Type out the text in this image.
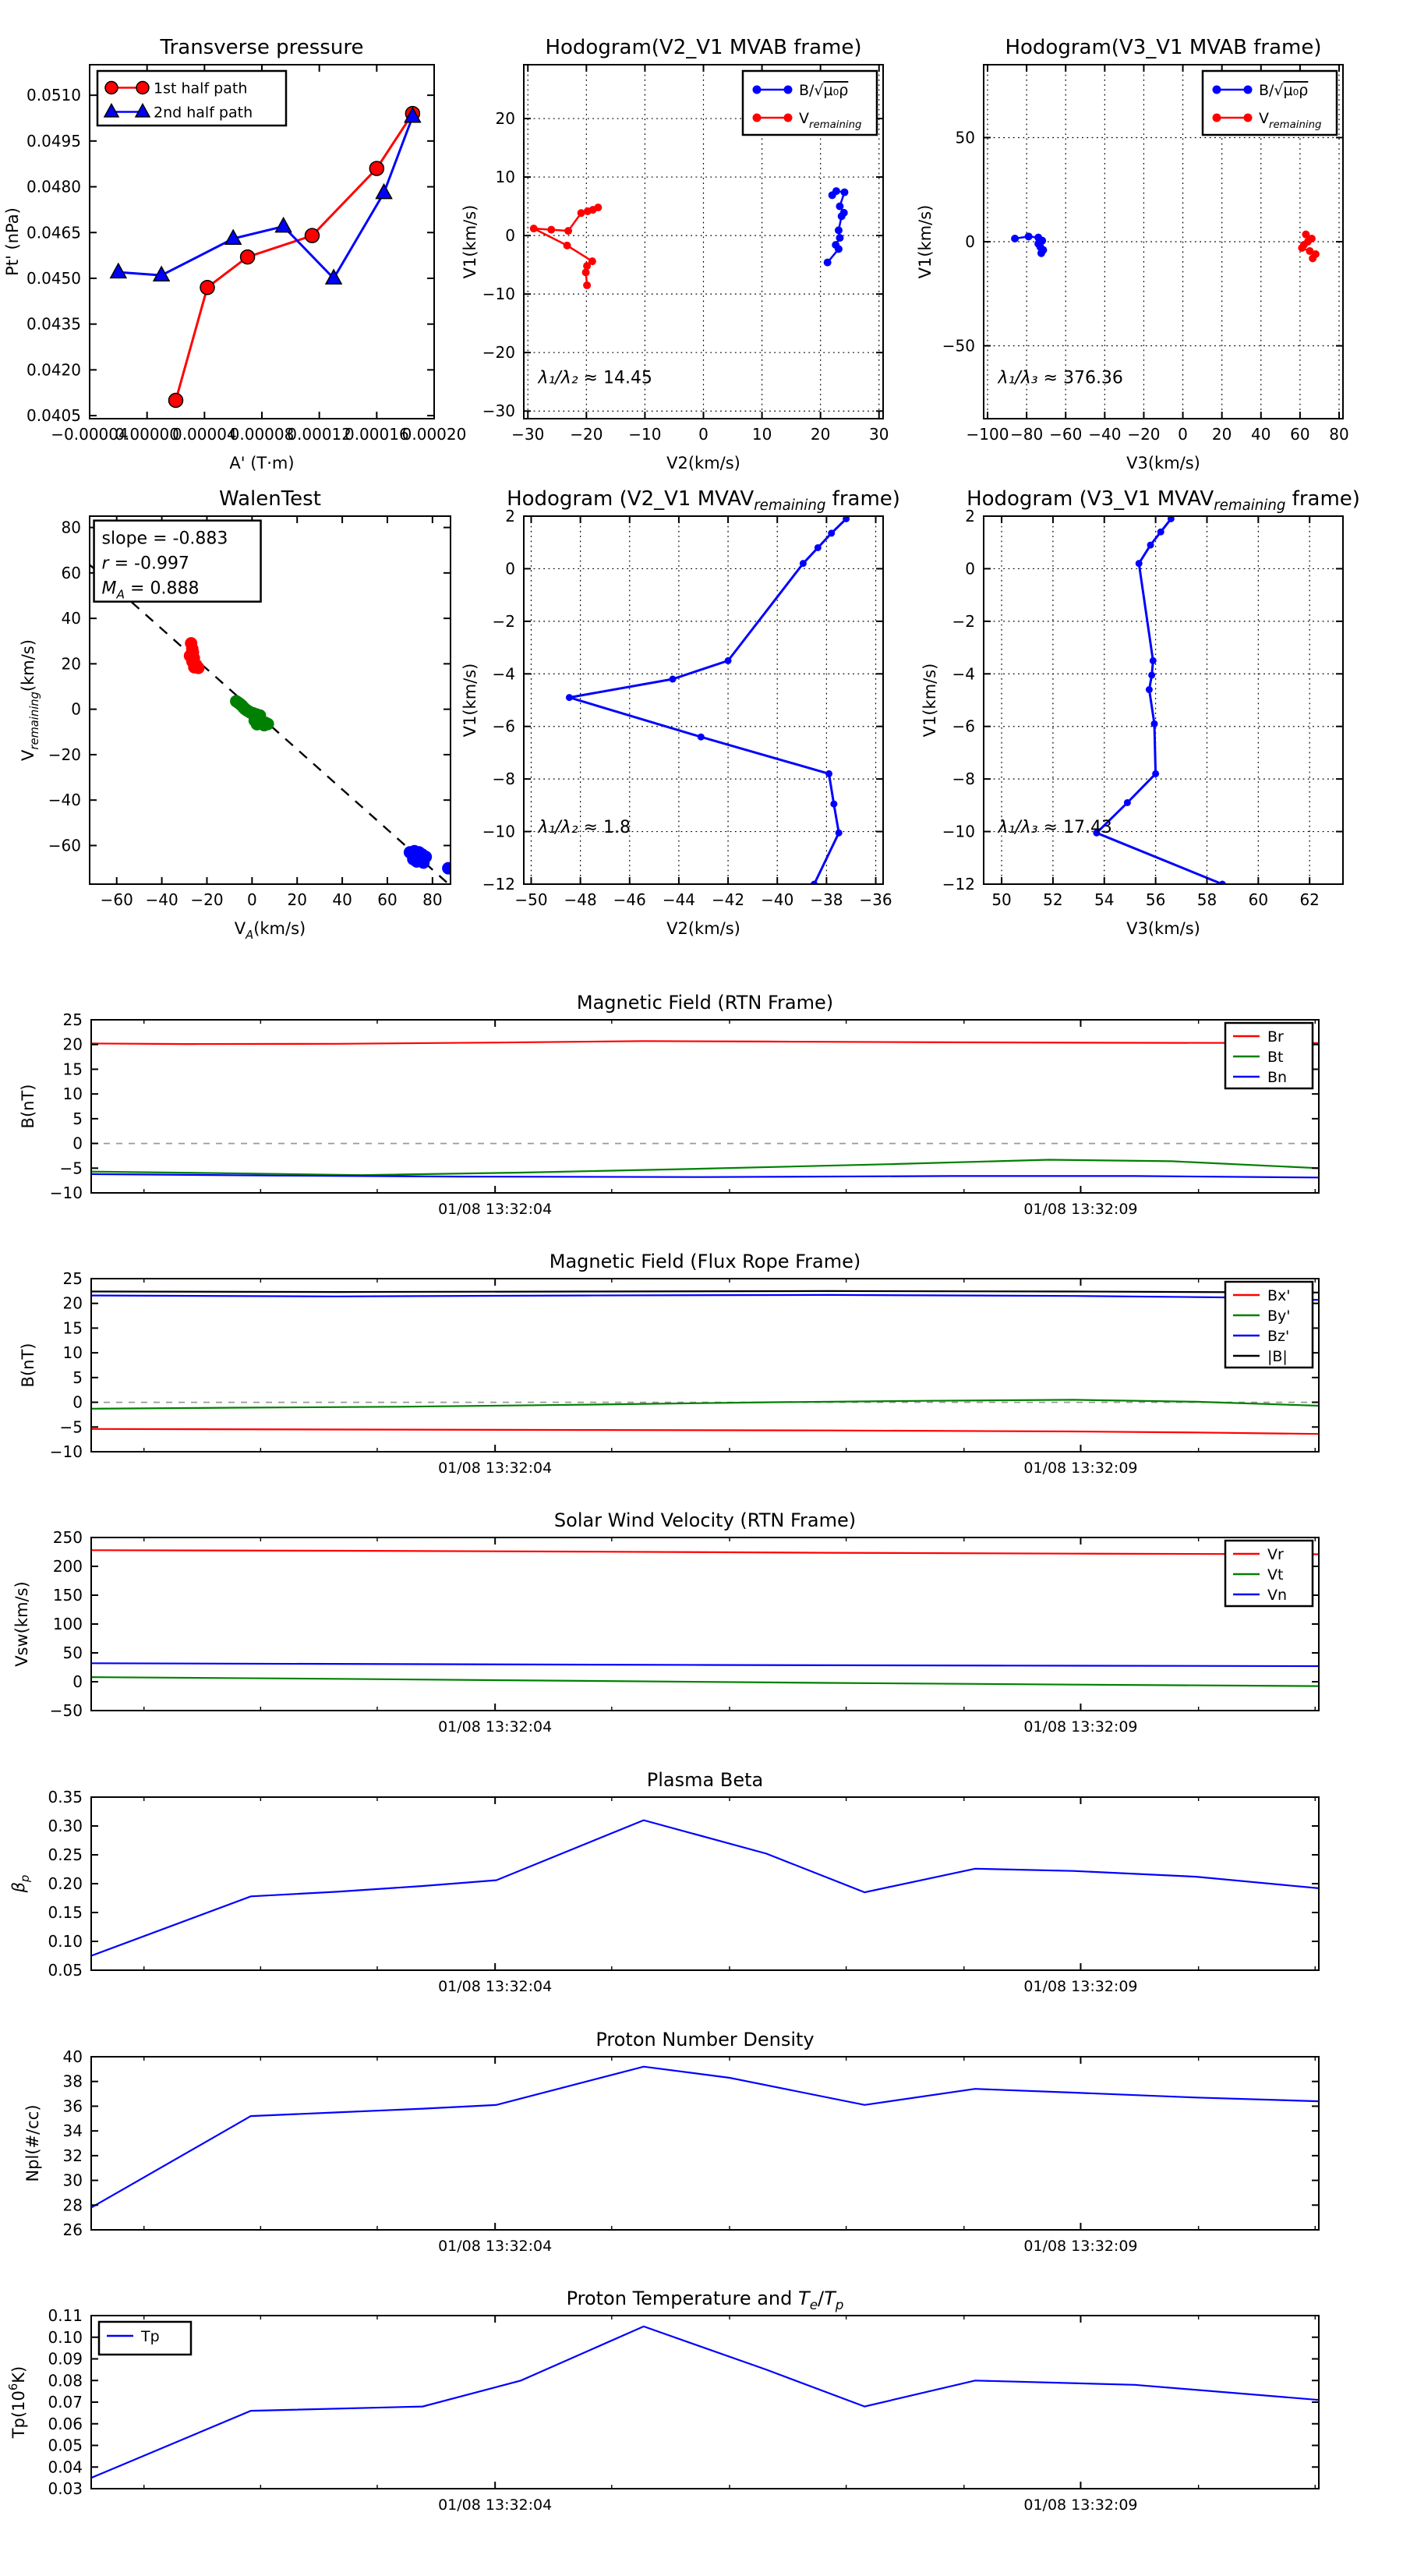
−0.00004
0.00000
0.00004
0.00008
0.00012
0.00016
0.00020
0.0405
0.0420
0.0435
0.0450
0.0465
0.0480
0.0495
0.0510
Transverse pressure
A' (T·m)
Pt' (nPa)
1st half path
2nd half path
−30 −20 −10 0	10 20 30
−30
−20
−10
0
10
20
Hodogram(V2_V1 MVAB frame)
V2(km/s)
V1(km/s)
λ₁/λ₂ ≈ 14.45
B/√μ₀ρ
$V_{remaining}$
−100 −80 −60 −40 −20 0 20 40 60 80
−50
0
50
Hodogram(V3_V1 MVAB frame)
V3(km/s)
V1(km/s)
λ₁/λ₃ ≈ 376.36
B/√μ₀ρ
$V_{remaining}$
−60 −40 −20 0 20 40 60 80
−60
−40
−20
0
20
40
60
80
WalenTest
$V_A(km/s)$
$V_{remaining}(km/s)$
slope = -0.883
r = -0.997
$M_A = 0.888$
−50 −48 −46 −44 −42 −40 −38 −36
2
0
−2
−4
−6
−8
−10
−12
Hodogram (V2_V1 $MVAV_{remaining}$ frame)
V2(km/s)
V1(km/s)
λ₁/λ₂ ≈ 1.8
50 52 54 56 58 60 62
2
0
−2
−4
−6
−8
−10
−12
Hodogram (V3_V1 $MVAV_{remaining}$ frame)
V3(km/s)
V1(km/s)
λ₁/λ₃ ≈ 17.43
01/08 13:32:04	01/08 13:32:09
25
20
15
10
5
0
−5
−10
Magnetic Field (RTN Frame)
B(nT)
Br
Bt
Bn
01/08 13:32:04	01/08 13:32:09
25
20
15
10
5
0
−5
−10
Magnetic Field (Flux Rope Frame)
B(nT)
Bx'
By'
Bz'
|B|
01/08 13:32:04	01/08 13:32:09
250
200
150
100
50
0
−50
Solar Wind Velocity (RTN Frame)
Vsw(km/s)
Vr
Vt
Vn
01/08 13:32:04	01/08 13:32:09
0.35
0.30
0.25
0.20
0.15
0.10
0.05
Plasma Beta
$\beta_p$
01/08 13:32:04	01/08 13:32:09
40
38
36
34
32
30
28
26
Proton Number Density
Npl(#/cc)
01/08 13:32:04	01/08 13:32:09
0.11
0.10
0.09
0.08
0.07
0.06
0.05
0.04
0.03
Proton Temperature and $T_e/T_p$
$Tp(10^6K)$
Tp
